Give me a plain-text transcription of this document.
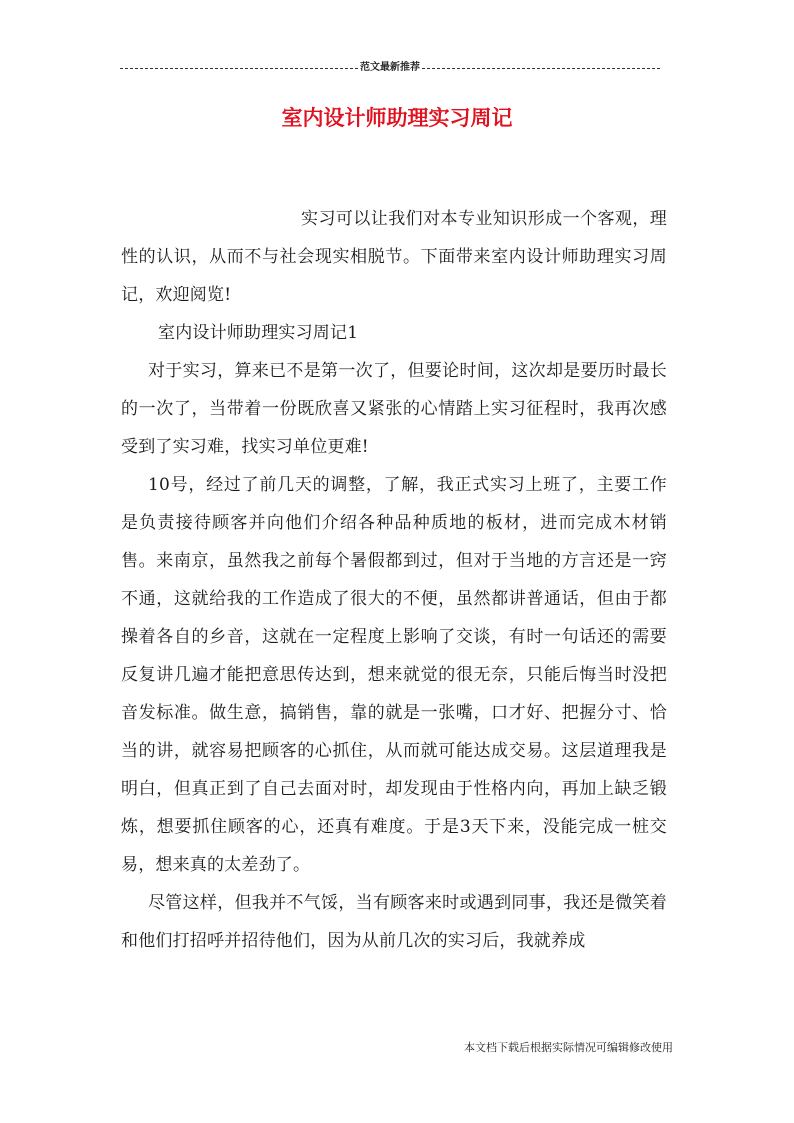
范文最新推荐
室内设计师助理实习周记

实习可以让我们对本专业知识形成一个客观，理性的认识，从而不与社会现实相脱节。下面带来室内设计师助理实习周记，欢迎阅览!

室内设计师助理实习周记1

对于实习，算来已不是第一次了，但要论时间，这次却是要历时最长的一次了，当带着一份既欣喜又紧张的心情踏上实习征程时，我再次感受到了实习难，找实习单位更难!

10号，经过了前几天的调整，了解，我正式实习上班了，主要工作是负责接待顾客并向他们介绍各种品种质地的板材，进而完成木材销售。来南京，虽然我之前每个暑假都到过，但对于当地的方言还是一窍不通，这就给我的工作造成了很大的不便，虽然都讲普通话，但由于都操着各自的乡音，这就在一定程度上影响了交谈，有时一句话还的需要反复讲几遍才能把意思传达到，想来就觉的很无奈，只能后悔当时没把音发标准。做生意，搞销售，靠的就是一张嘴，口才好、把握分寸、恰当的讲，就容易把顾客的心抓住，从而就可能达成交易。这层道理我是明白，但真正到了自己去面对时，却发现由于性格内向，再加上缺乏锻炼，想要抓住顾客的心，还真有难度。于是3天下来，没能完成一桩交易，想来真的太差劲了。

尽管这样，但我并不气馁，当有顾客来时或遇到同事，我还是微笑着和他们打招呼并招待他们，因为从前几次的实习后，我就养成

本文档下载后根据实际情况可编辑修改使用
